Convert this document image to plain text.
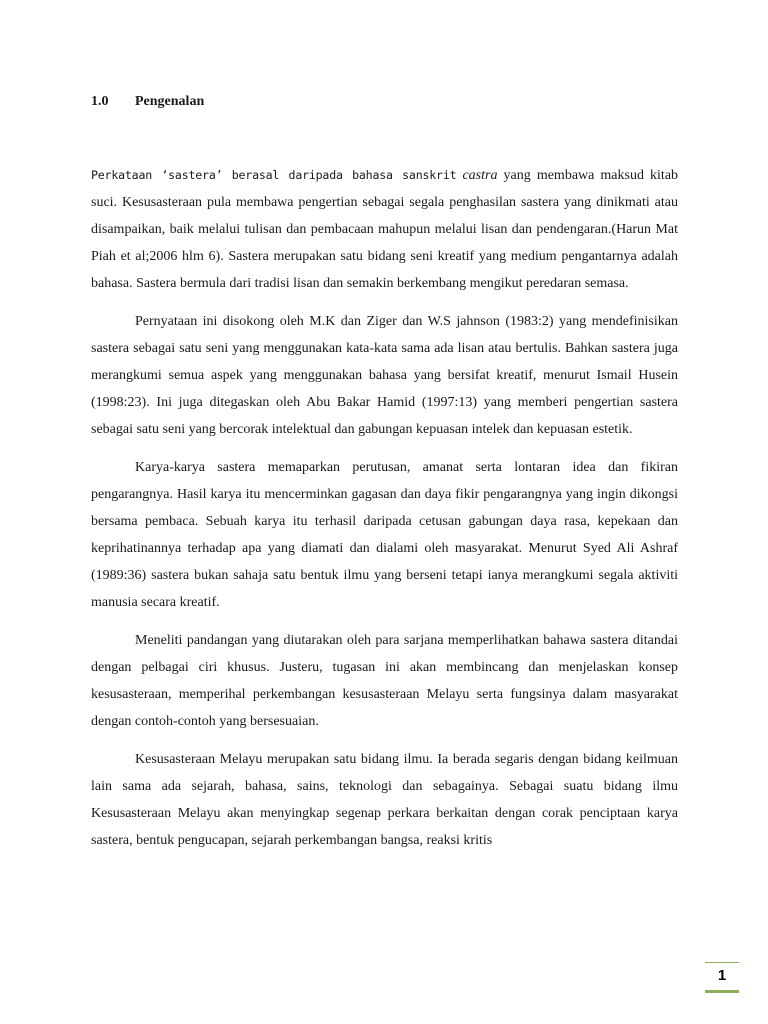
1.0 Pengenalan

Perkataan ‘sastera’ berasal daripada bahasa sanskrit castra yang membawa maksud kitab suci. Kesusasteraan pula membawa pengertian sebagai segala penghasilan sastera yang dinikmati atau disampaikan, baik melalui tulisan dan pembacaan mahupun melalui lisan dan pendengaran.(Harun Mat Piah et al;2006 hlm 6). Sastera merupakan satu bidang seni kreatif yang medium pengantarnya adalah bahasa. Sastera bermula dari tradisi lisan dan semakin berkembang mengikut peredaran semasa.

Pernyataan ini disokong oleh M.K dan Ziger dan W.S jahnson (1983:2) yang mendefinisikan sastera sebagai satu seni yang menggunakan kata-kata sama ada lisan atau bertulis. Bahkan sastera juga merangkumi semua aspek yang menggunakan bahasa yang bersifat kreatif, menurut Ismail Husein (1998:23). Ini juga ditegaskan oleh Abu Bakar Hamid (1997:13) yang memberi pengertian sastera sebagai satu seni yang bercorak intelektual dan gabungan kepuasan intelek dan kepuasan estetik.

Karya-karya sastera memaparkan perutusan, amanat serta lontaran idea dan fikiran pengarangnya. Hasil karya itu mencerminkan gagasan dan daya fikir pengarangnya yang ingin dikongsi bersama pembaca. Sebuah karya itu terhasil daripada cetusan gabungan daya rasa, kepekaan dan keprihatinannya terhadap apa yang diamati dan dialami oleh masyarakat. Menurut Syed Ali Ashraf (1989:36) sastera bukan sahaja satu bentuk ilmu yang berseni tetapi ianya merangkumi segala aktiviti manusia secara kreatif.

Meneliti pandangan yang diutarakan oleh para sarjana memperlihatkan bahawa sastera ditandai dengan pelbagai ciri khusus. Justeru, tugasan ini akan membincang dan menjelaskan konsep kesusasteraan, memperihal perkembangan kesusasteraan Melayu serta fungsinya dalam masyarakat dengan contoh-contoh yang bersesuaian.

Kesusasteraan Melayu merupakan satu bidang ilmu. Ia berada segaris dengan bidang keilmuan lain sama ada sejarah, bahasa, sains, teknologi dan sebagainya. Sebagai suatu bidang ilmu Kesusasteraan Melayu akan menyingkap segenap perkara berkaitan dengan corak penciptaan karya sastera, bentuk pengucapan, sejarah perkembangan bangsa, reaksi kritis

1
